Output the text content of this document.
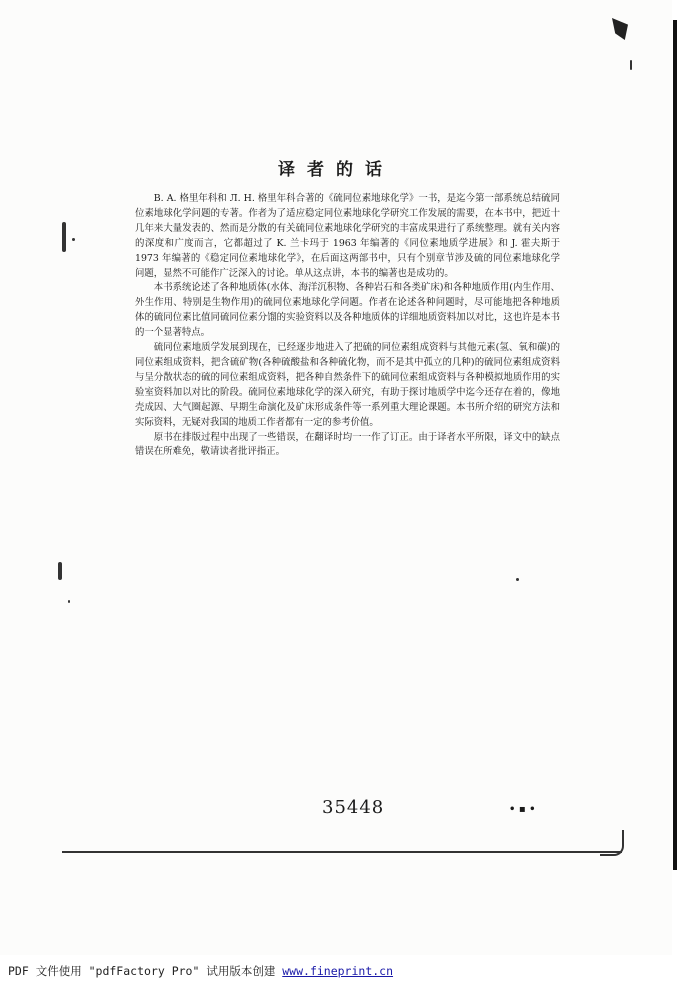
译者的话

B. A. 格里年科和 Л. H. 格里年科合著的《硫同位素地球化学》一书，是迄今第一部系统总结硫同位素地球化学问题的专著。作者为了适应稳定同位素地球化学研究工作发展的需要，在本书中，把近十几年来大量发表的、然而是分散的有关硫同位素地球化学研究的丰富成果进行了系统整理。就有关内容的深度和广度而言，它都超过了 K. 兰卡玛于 1963 年编著的《同位素地质学进展》和 J. 霍夫斯于 1973 年编著的《稳定同位素地球化学》，在后面这两部书中，只有个别章节涉及硫的同位素地球化学问题，显然不可能作广泛深入的讨论。单从这点讲，本书的编著也是成功的。

本书系统论述了各种地质体(水体、海洋沉积物、各种岩石和各类矿床)和各种地质作用(内生作用、外生作用、特别是生物作用)的硫同位素地球化学问题。作者在论述各种问题时，尽可能地把各种地质体的硫同位素比值同硫同位素分馏的实验资料以及各种地质体的详细地质资料加以对比，这也许是本书的一个显著特点。

硫同位素地质学发展到现在，已经逐步地进入了把硫的同位素组成资料与其他元素(氢、氧和碳)的同位素组成资料，把含硫矿物(各种硫酸盐和各种硫化物，而不是其中孤立的几种)的硫同位素组成资料与呈分散状态的硫的同位素组成资料，把各种自然条件下的硫同位素组成资料与各种模拟地质作用的实验室资料加以对比的阶段。硫同位素地球化学的深入研究，有助于探讨地质学中迄今还存在着的，像地壳成因、大气圈起源、早期生命演化及矿床形成条件等一系列重大理论课题。本书所介绍的研究方法和实际资料，无疑对我国的地质工作者都有一定的参考价值。

原书在排版过程中出现了一些错误，在翻译时均一一作了订正。由于译者水平所限，译文中的缺点错误在所难免，敬请读者批评指正。

35448	• ▪ •
PDF 文件使用 "pdfFactory Pro" 试用版本创建 www.fineprint.cn
